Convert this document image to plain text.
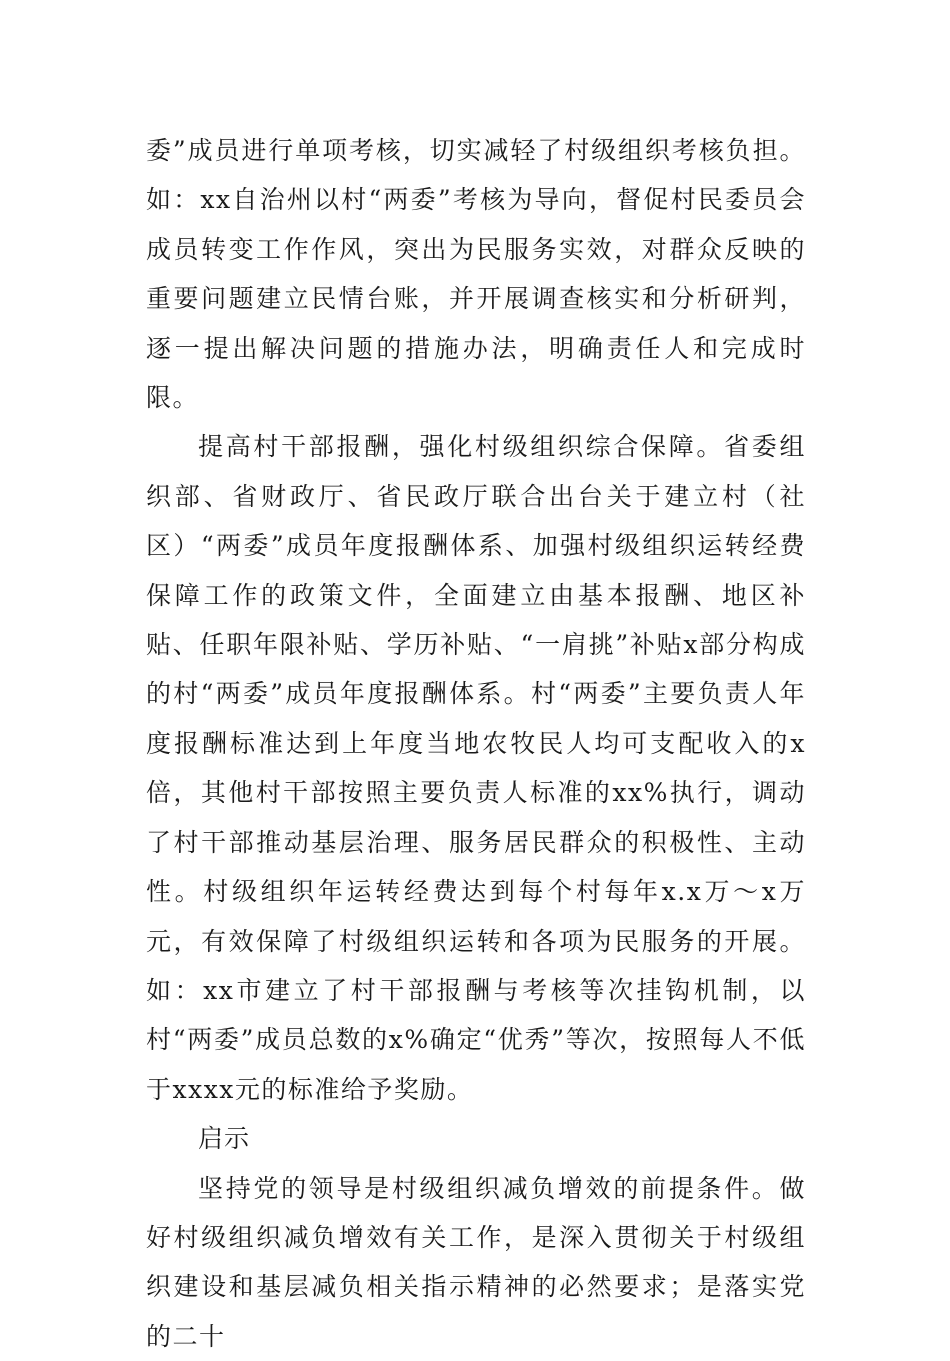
委”成员进行单项考核，切实减轻了村级组织考核负担。如：xx自治州以村“两委”考核为导向，督促村民委员会成员转变工作作风，突出为民服务实效，对群众反映的重要问题建立民情台账，并开展调查核实和分析研判，逐一提出解决问题的措施办法，明确责任人和完成时限。

提高村干部报酬，强化村级组织综合保障。省委组织部、省财政厅、省民政厅联合出台关于建立村（社区）“两委”成员年度报酬体系、加强村级组织运转经费保障工作的政策文件，全面建立由基本报酬、地区补贴、任职年限补贴、学历补贴、“一肩挑”补贴x部分构成的村“两委”成员年度报酬体系。村“两委”主要负责人年度报酬标准达到上年度当地农牧民人均可支配收入的x倍，其他村干部按照主要负责人标准的xx%执行，调动了村干部推动基层治理、服务居民群众的积极性、主动性。村级组织年运转经费达到每个村每年x.x万～x万元，有效保障了村级组织运转和各项为民服务的开展。如：xx市建立了村干部报酬与考核等次挂钩机制，以村“两委”成员总数的x%确定“优秀”等次，按照每人不低于xxxx元的标准给予奖励。

启示

坚持党的领导是村级组织减负增效的前提条件。做好村级组织减负增效有关工作，是深入贯彻关于村级组织建设和基层减负相关指示精神的必然要求；是落实党的二十
